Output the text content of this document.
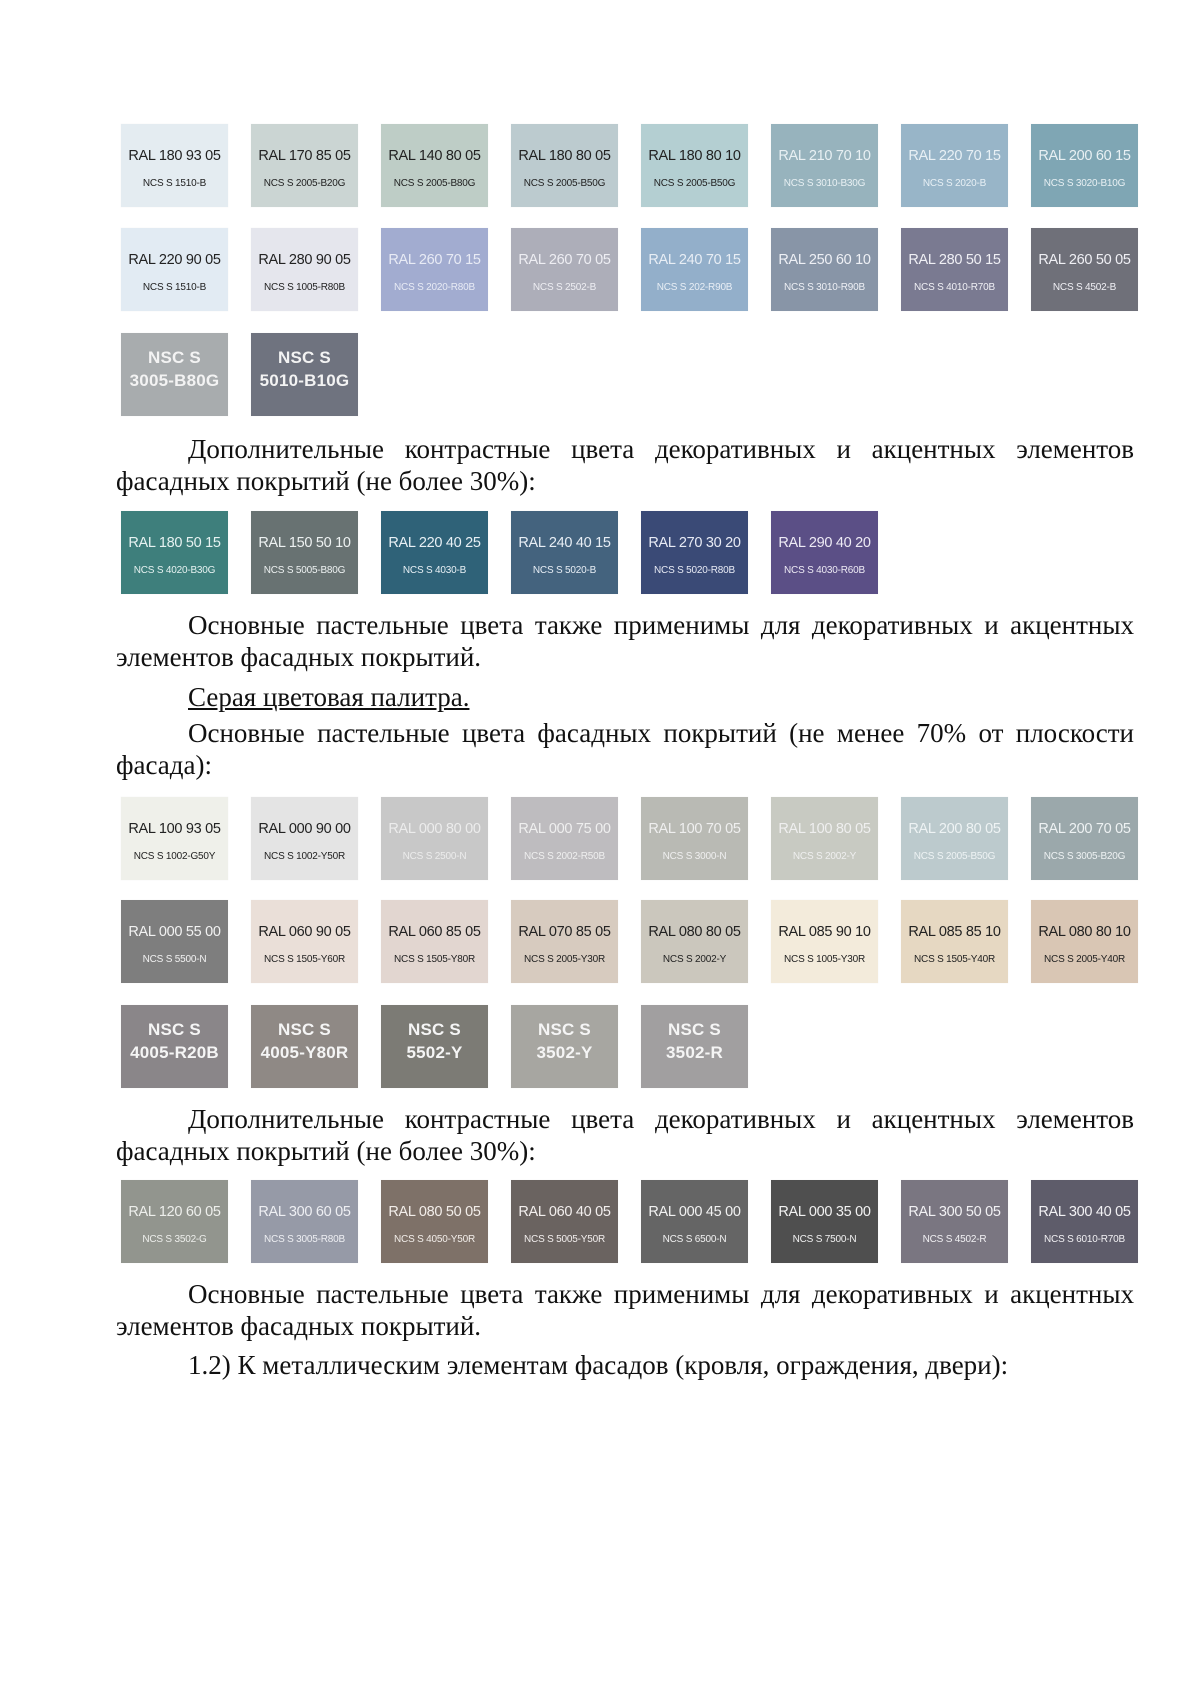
RAL 180 93 05
NCS S 1510-B
RAL 170 85 05
NCS S 2005-B20G
RAL 140 80 05
NCS S 2005-B80G
RAL 180 80 05
NCS S 2005-B50G
RAL 180 80 10
NCS S 2005-B50G
RAL 210 70 10
NCS S 3010-B30G
RAL 220 70 15
NCS S 2020-B
RAL 200 60 15
NCS S 3020-B10G
RAL 220 90 05
NCS S 1510-B
RAL 280 90 05
NCS S 1005-R80B
RAL 260 70 15
NCS S 2020-R80B
RAL 260 70 05
NCS S 2502-B
RAL 240 70 15
NCS S 202-R90B
RAL 250 60 10
NCS S 3010-R90B
RAL 280 50 15
NCS S 4010-R70B
RAL 260 50 05
NCS S 4502-B
NSC S
3005-B80G
NSC S
5010-B10G

Дополнительные контрастные цвета декоративных и акцентных элементов фасадных покрытий (не более 30%):

RAL 180 50 15
NCS S 4020-B30G
RAL 150 50 10
NCS S 5005-B80G
RAL 220 40 25
NCS S 4030-B
RAL 240 40 15
NCS S 5020-B
RAL 270 30 20
NCS S 5020-R80B
RAL 290 40 20
NCS S 4030-R60B

Основные пастельные цвета также применимы для декоративных и акцентных элементов фасадных покрытий.

Серая цветовая палитра.

Основные пастельные цвета фасадных покрытий (не менее 70% от плоскости фасада):

RAL 100 93 05
NCS S 1002-G50Y
RAL 000 90 00
NCS S 1002-Y50R
RAL 000 80 00
NCS S 2500-N
RAL 000 75 00
NCS S 2002-R50B
RAL 100 70 05
NCS S 3000-N
RAL 100 80 05
NCS S 2002-Y
RAL 200 80 05
NCS S 2005-B50G
RAL 200 70 05
NCS S 3005-B20G
RAL 000 55 00
NCS S 5500-N
RAL 060 90 05
NCS S 1505-Y60R
RAL 060 85 05
NCS S 1505-Y80R
RAL 070 85 05
NCS S 2005-Y30R
RAL 080 80 05
NCS S 2002-Y
RAL 085 90 10
NCS S 1005-Y30R
RAL 085 85 10
NCS S 1505-Y40R
RAL 080 80 10
NCS S 2005-Y40R
NSC S
4005-R20B
NSC S
4005-Y80R
NSC S
5502-Y
NSC S
3502-Y
NSC S
3502-R

Дополнительные контрастные цвета декоративных и акцентных элементов фасадных покрытий (не более 30%):

RAL 120 60 05
NCS S 3502-G
RAL 300 60 05
NCS S 3005-R80B
RAL 080 50 05
NCS S 4050-Y50R
RAL 060 40 05
NCS S 5005-Y50R
RAL 000 45 00
NCS S 6500-N
RAL 000 35 00
NCS S 7500-N
RAL 300 50 05
NCS S 4502-R
RAL 300 40 05
NCS S 6010-R70B

Основные пастельные цвета также применимы для декоративных и акцентных элементов фасадных покрытий.

1.2) К металлическим элементам фасадов (кровля, ограждения, двери):
